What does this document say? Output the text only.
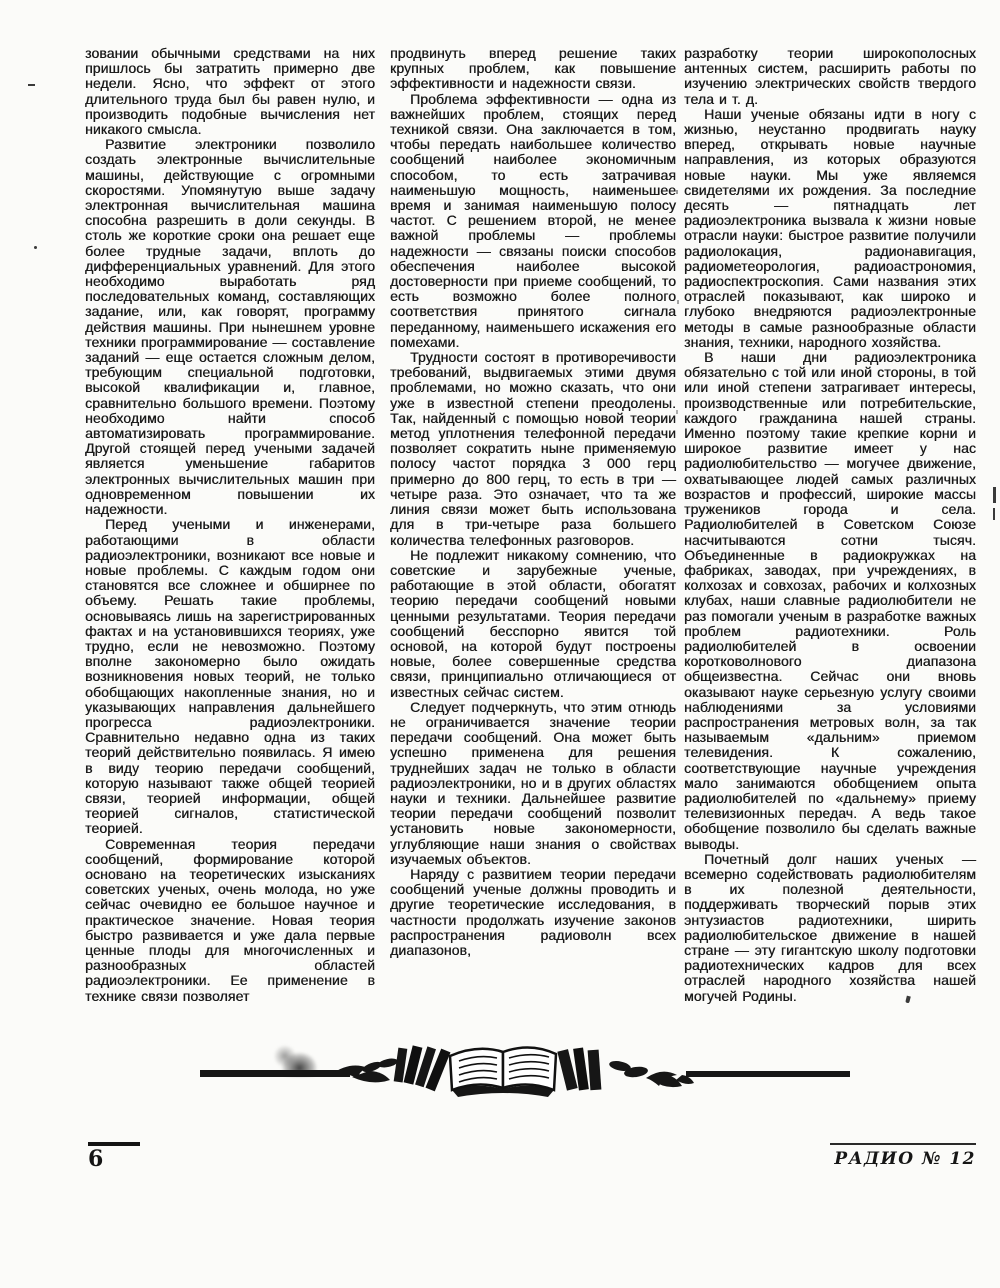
зовании обычными средствами на них пришлось бы затратить примерно две недели. Ясно, что эффект от этого длительного труда был бы равен нулю, и производить подобные вычисления нет никакого смысла.

Развитие электроники позволило создать электронные вычислительные машины, действующие с огромными скоростями. Упомянутую выше задачу электронная вычислительная машина способна разрешить в доли секунды. В столь же короткие сроки она решает еще более трудные задачи, вплоть до дифференциальных уравнений. Для этого необходимо выработать ряд последовательных команд, составляющих задание, или, как говорят, программу действия машины. При нынешнем уровне техники программирование — составление заданий — еще остается сложным делом, требующим специальной подготовки, высокой квалификации и, главное, сравнительно большого времени. Поэтому необходимо найти способ автоматизировать программирование. Другой стоящей перед учеными задачей является уменьшение габаритов электронных вычислительных машин при одновременном повышении их надежности.

Перед учеными и инженерами, работающими в области радиоэлектроники, возникают все новые и новые проблемы. С каждым годом они становятся все сложнее и обширнее по объему. Решать такие проблемы, основываясь лишь на зарегистрированных фактах и на установившихся теориях, уже трудно, если не невозможно. Поэтому вполне закономерно было ожидать возникновения новых теорий, не только обобщающих накопленные знания, но и указывающих направления дальнейшего прогресса радиоэлектроники. Сравнительно недавно одна из таких теорий действительно появилась. Я имею в виду теорию передачи сообщений, которую называют также общей теорией связи, теорией информации, общей теорией сигналов, статистической теорией.

Современная теория передачи сообщений, формирование которой основано на теоретических изысканиях советских ученых, очень молода, но уже сейчас очевидно ее большое научное и практическое значение. Новая теория быстро развивается и уже дала первые ценные плоды для многочисленных и разнообразных областей радиоэлектроники. Ее применение в технике связи позволяет

продвинуть вперед решение таких крупных проблем, как повышение эффективности и надежности связи.

Проблема эффективности — одна из важнейших проблем, стоящих перед техникой связи. Она заключается в том, чтобы передать наибольшее количество сообщений наиболее экономичным способом, то есть затрачивая наименьшую мощность, наименьшее время и занимая наименьшую полосу частот. С решением второй, не менее важной проблемы — проблемы надежности — связаны поиски способов обеспечения наиболее высокой достоверности при приеме сообщений, то есть возможно более полного соответствия принятого сигнала переданному, наименьшего искажения его помехами.

Трудности состоят в противоречивости требований, выдвигаемых этими двумя проблемами, но можно сказать, что они уже в известной степени преодолены. Так, найденный с помощью новой теории метод уплотнения телефонной передачи позволяет сократить ныне применяемую полосу частот порядка 3 000 герц примерно до 800 герц, то есть в три — четыре раза. Это означает, что та же линия связи может быть использована для в три-четыре раза большего количества телефонных разговоров.

Не подлежит никакому сомнению, что советские и зарубежные ученые, работающие в этой области, обогатят теорию передачи сообщений новыми ценными результатами. Теория передачи сообщений бесспорно явится той основой, на которой будут построены новые, более совершенные средства связи, принципиально отличающиеся от известных сейчас систем.

Следует подчеркнуть, что этим отнюдь не ограничивается значение теории передачи сообщений. Она может быть успешно применена для решения труднейших задач не только в области радиоэлектроники, но и в других областях науки и техники. Дальнейшее развитие теории передачи сообщений позволит установить новые закономерности, углубляющие наши знания о свойствах изучаемых объектов.

Наряду с развитием теории передачи сообщений ученые должны проводить и другие теоретические исследования, в частности продолжать изучение законов распространения радиоволн всех диапазонов,

разработку теории широкополосных антенных систем, расширить работы по изучению электрических свойств твердого тела и т. д.

Наши ученые обязаны идти в ногу с жизнью, неустанно продвигать науку вперед, открывать новые научные направления, из которых образуются новые науки. Мы уже являемся свидетелями их рождения. За последние десять — пятнадцать лет радиоэлектроника вызвала к жизни новые отрасли науки: быстрое развитие получили радиолокация, радионавигация, радиометеорология, радиоастрономия, радиоспектроскопия. Сами названия этих отраслей показывают, как широко и глубоко внедряются радиоэлектронные методы в самые разнообразные области знания, техники, народного хозяйства.

В наши дни радиоэлектроника обязательно с той или иной стороны, в той или иной степени затрагивает интересы, производственные или потребительские, каждого гражданина нашей страны. Именно поэтому такие крепкие корни и широкое развитие имеет у нас радиолюбительство — могучее движение, охватывающее людей самых различных возрастов и профессий, широкие массы тружеников города и села. Радиолюбителей в Советском Союзе насчитываются сотни тысяч. Объединенные в радиокружках на фабриках, заводах, при учреждениях, в колхозах и совхозах, рабочих и колхозных клубах, наши славные радиолюбители не раз помогали ученым в разработке важных проблем радиотехники. Роль радиолюбителей в освоении коротковолнового диапазона общеизвестна. Сейчас они вновь оказывают науке серьезную услугу своими наблюдениями за условиями распространения метровых волн, за так называемым «дальним» приемом телевидения. К сожалению, соответствующие научные учреждения мало занимаются обобщением опыта радиолюбителей по «дальнему» приему телевизионных передач. А ведь такое обобщение позволило бы сделать важные выводы.

Почетный долг наших ученых — всемерно содействовать радиолюбителям в их полезной деятельности, поддерживать творческий порыв этих энтузиастов радиотехники, ширить радиолюбительское движение в нашей стране — эту гигантскую школу подготовки радиотехнических кадров для всех отраслей народного хозяйства нашей могучей Родины.

6	РАДИО № 12
